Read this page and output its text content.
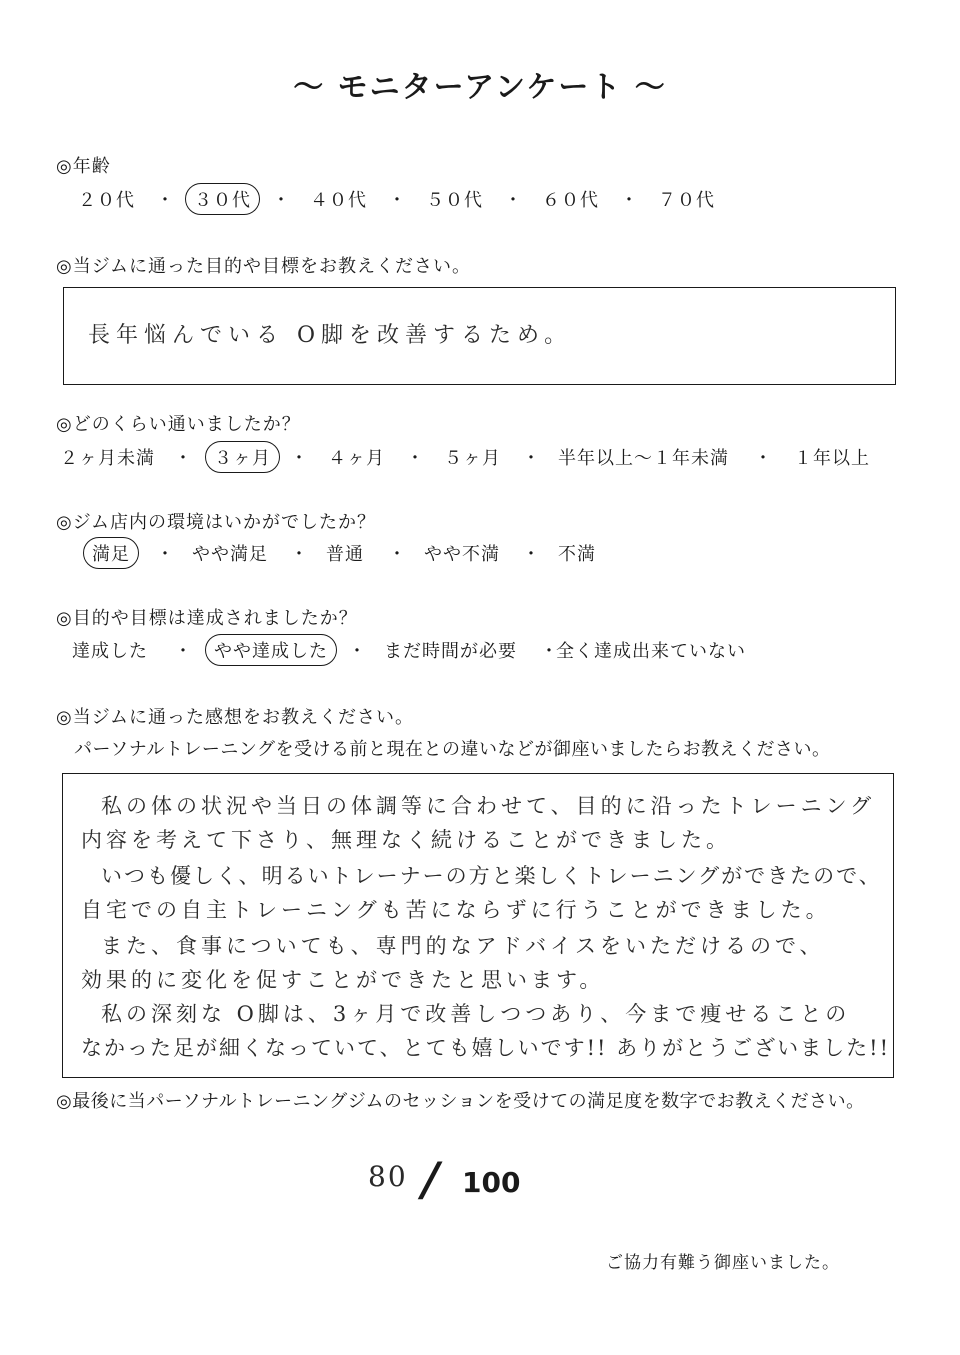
～ モニターアンケート ～
◎年齢
２０代 ・	３０代	・ ４０代 ・ ５０代 ・ ６０代 ・ ７０代
◎当ジムに通った目的や目標をお教えください。
長年悩んでいる O脚を改善するため。
◎どのくらい通いましたか？
２ヶ月未満 ・	３ヶ月	・ ４ヶ月 ・ ５ヶ月 ・ 半年以上～１年未満 ・ １年以上
◎ジム店内の環境はいかがでしたか？
満足	・ やや満足 ・ 普通 ・ やや不満 ・ 不満
◎目的や目標は達成されましたか？
達成した ・	やや達成した	・ まだ時間が必要 ・
全く達成出来ていない
◎当ジムに通った感想をお教えください。
パーソナルトレーニングを受ける前と現在との違いなどが御座いましたらお教えください。
私の体の状況や当日の体調等に合わせて、目的に沿ったトレーニング
内容を考えて下さり、無理なく続けることができました。
いつも優しく、明るいトレーナーの方と楽しくトレーニングができたので、
自宅での自主トレーニングも苦にならずに行うことができました。
また、食事についても、専門的なアドバイスをいただけるので、
効果的に変化を促すことができたと思います。
私の深刻な O脚は、3ヶ月で改善しつつあり、今まで痩せることの
なかった足が細くなっていて、とても嬉しいです!! ありがとうございました!!
◎最後に当パーソナルトレーニングジムのセッションを受けての満足度を数字でお教えください。
80 / 100
ご協力有難う御座いました。
